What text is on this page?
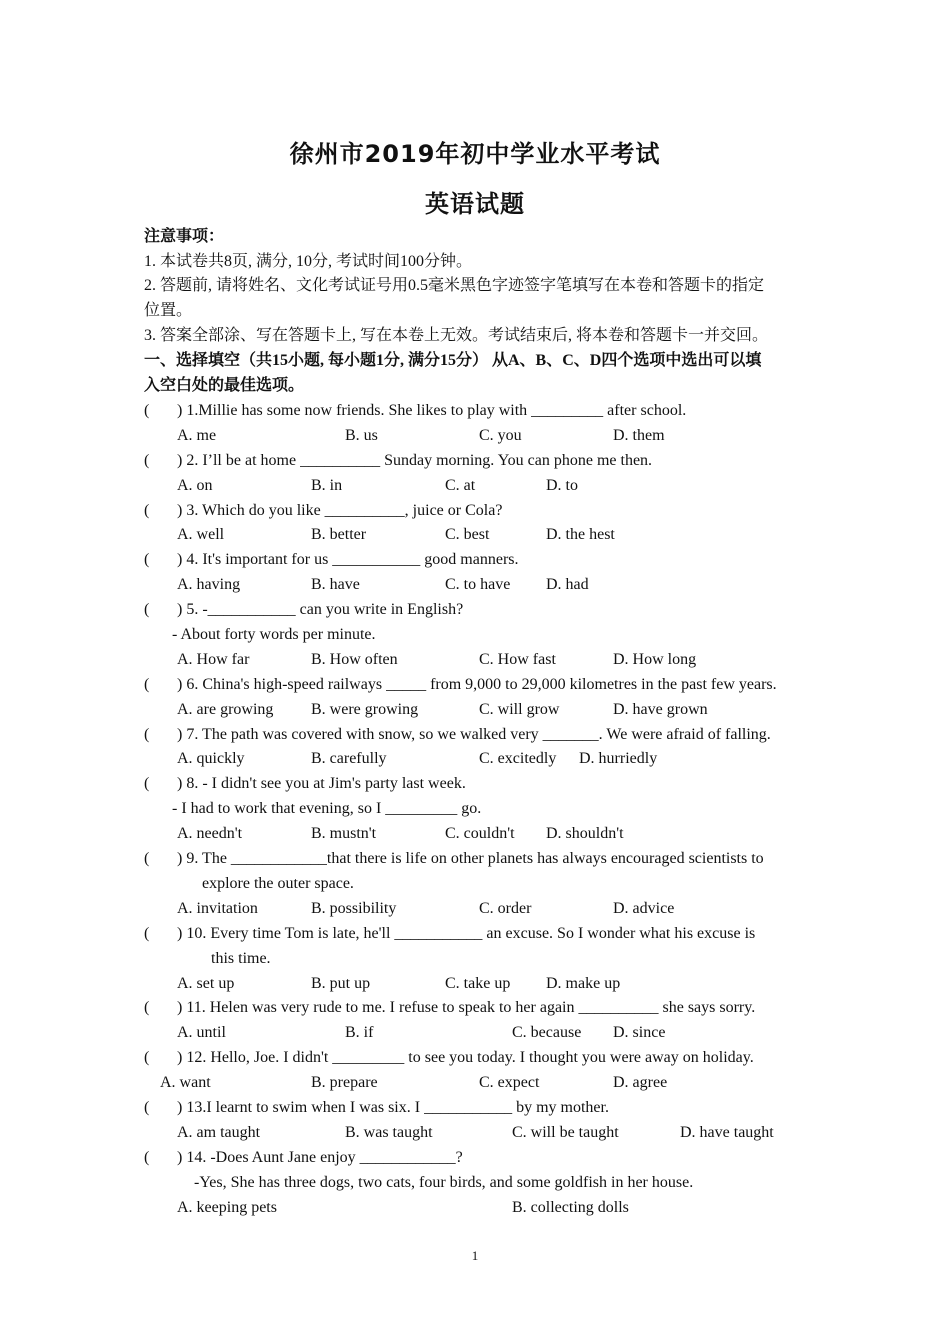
徐州市2019年初中学业水平考试
英语试题
注意事项：
1. 本试卷共8页, 满分, 10分, 考试时间100分钟。
2. 答题前, 请将姓名、文化考试证号用0.5毫米黑色字迹签字笔填写在本卷和答题卡的指定
位置。
3. 答案全部涂、写在答题卡上, 写在本卷上无效。考试结束后, 将本卷和答题卡一并交回。
一、选择填空（共15小题, 每小题1分, 满分15分） 从A、B、C、D四个选项中选出可以填
入空白处的最佳选项。
( ) 1.Millie has some now friends. She likes to play with _________ after school.
A. me	B. us	C. you	D. them
( ) 2. I’ll be at home __________ Sunday morning. You can phone me then.
A. on	B. in	C. at	D. to
( ) 3. Which do you like __________, juice or Cola?
A. well	B. better	C. best	D. the hest
( ) 4. It's important for us ___________ good manners.
A. having	B. have	C. to have D. had
( ) 5. -___________ can you write in English?
- About forty words per minute.
A. How far	B. How often	C. How fast	D. How long
( ) 6. China's high-speed railways _____ from 9,000 to 29,000 kilometres in the past few years.
A. are growing B. were growing	C. will grow	D. have grown
( ) 7. The path was covered with snow, so we walked very _______. We were afraid of falling.
A. quickly	B. carefully	C. excitedly D. hurriedly
( ) 8. - I didn't see you at Jim's party last week.
- I had to work that evening, so I _________ go.
A. needn't	B. mustn't	C. couldn't D. shouldn't
( ) 9. The ____________that there is life on other planets has always encouraged scientists to
explore the outer space.
A. invitation	B. possibility	C. order	D. advice
( ) 10. Every time Tom is late, he'll ___________ an excuse. So I wonder what his excuse is
this time.
A. set up	B. put up	C. take up D. make up
( ) 11. Helen was very rude to me. I refuse to speak to her again __________ she says sorry.
A. until	B. if	C. because D. since
( ) 12. Hello, Joe. I didn't _________ to see you today. I thought you were away on holiday.
A. want	B. prepare	C. expect	D. agree
( ) 13.I learnt to swim when I was six. I ___________ by my mother.
A. am taught	B. was taught	C. will be taught	D. have taught
( ) 14. -Does Aunt Jane enjoy ____________?
-Yes, She has three dogs, two cats, four birds, and some goldfish in her house.
A. keeping pets	B. collecting dolls
1
